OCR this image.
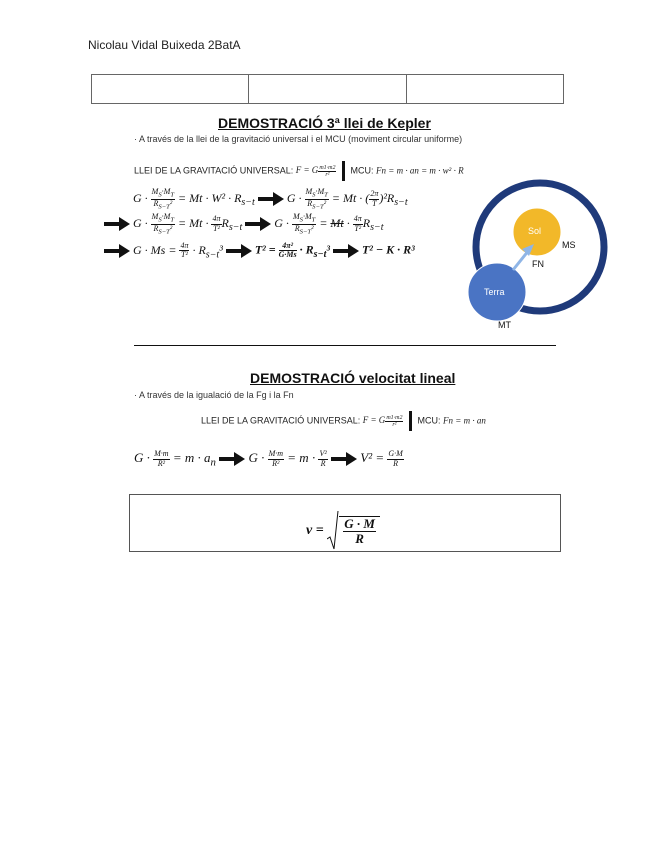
Nicolau Vidal Buixeda 2BatA

DEMOSTRACIÓ 3ª llei de Kepler
· A través de la llei de la gravitació universal i el MCU (moviment circular uniforme)
LLEI DE LA GRAVITACIÓ UNIVERSAL: F = G $\frac{m1\cdot m2}{\text{r²}}$ MCU: Fn = m · an = m · w² · R
$G \cdot \frac{M_S\cdot M_T}{R_{S-T}^2} = Mt \cdot W^2 \cdot R_{s-t}$  $G \cdot \frac{M_S\cdot M_T}{R_{S-T}^2} = Mt$ · ( $\frac{2\pi}{T} )^2R_{s-t}$
$G \cdot \frac{M_S\cdot M_T}{R_{S-T}^2} = Mt \cdot \frac{4\pi}{\text{T²}} R_{s-t}$  $G \cdot \frac{M_S\cdot M_T}{R_{S-T}^2} = Mt \cdot \frac{4\pi}{\text{T²}} R_{s-t}$
$G \cdot Ms = \frac{4\pi}{\text{T²}} \cdot R_{s-t}^3$  $T^2 = \frac{\text{4π²}}{G\cdot Ms} \cdot R_{s-t}^3$  T² − K · R³
Sol
Terra
MS
FN
MT
DEMOSTRACIÓ velocitat lineal
· A través de la igualació de la Fg i la Fn
LLEI DE LA GRAVITACIÓ UNIVERSAL: F = G $\frac{m1\cdot m2}{\text{r²}}$ MCU: Fn = m · an
$G \cdot \frac{M\cdot m}{\text{R²}} = m \cdot a_n$  $G \cdot \frac{M\cdot m}{\text{R²}} = m \cdot \frac{\text{V²}}{R} V^2 = \frac{G\cdot M}{R}$
$v = \frac{G \cdot M}{R}$
